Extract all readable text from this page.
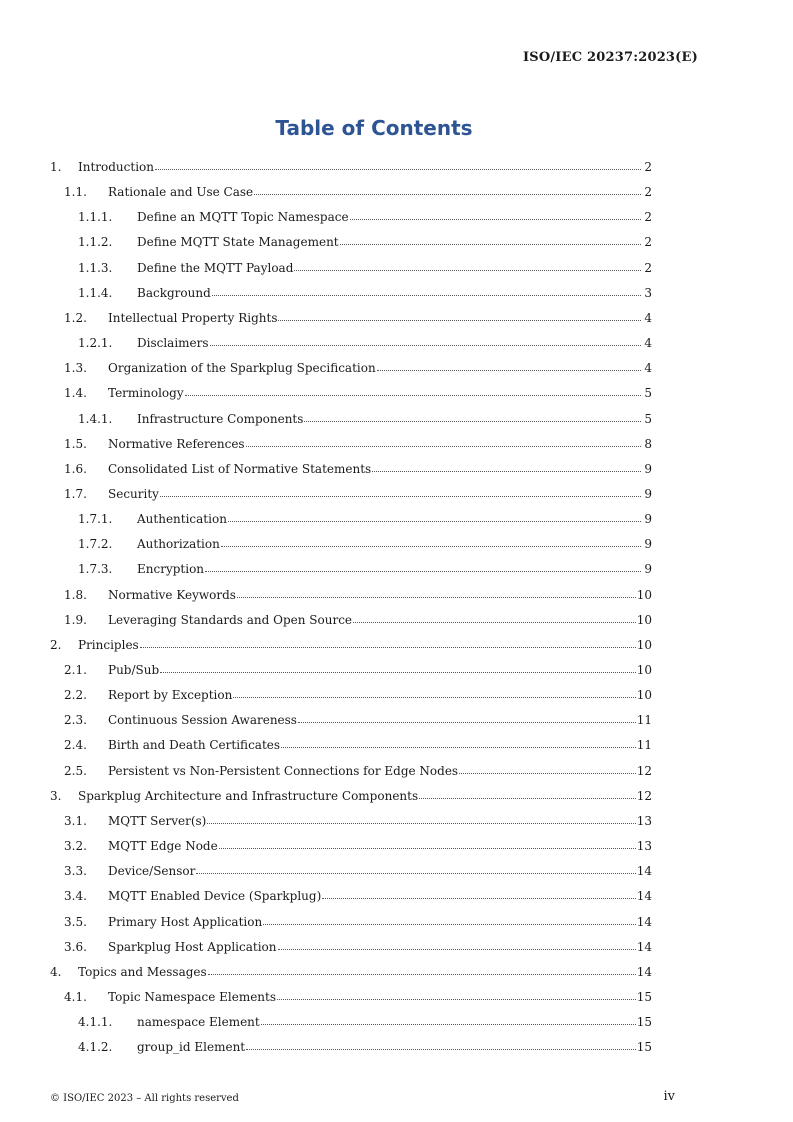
ISO/IEC 20237:2023(E)
Table of Contents
1.	Introduction	2
1.1.	Rationale and Use Case	2
1.1.1.	Define an MQTT Topic Namespace	2
1.1.2.	Define MQTT State Management	2
1.1.3.	Define the MQTT Payload	2
1.1.4.	Background	3
1.2.	Intellectual Property Rights	4
1.2.1.	Disclaimers	4
1.3.	Organization of the Sparkplug Specification	4
1.4.	Terminology	5
1.4.1.	Infrastructure Components	5
1.5.	Normative References	8
1.6.	Consolidated List of Normative Statements	9
1.7.	Security	9
1.7.1.	Authentication	9
1.7.2.	Authorization	9
1.7.3.	Encryption	9
1.8.	Normative Keywords	10
1.9.	Leveraging Standards and Open Source	10
2.	Principles	10
2.1.	Pub/Sub	10
2.2.	Report by Exception	10
2.3.	Continuous Session Awareness	11
2.4.	Birth and Death Certificates	11
2.5.	Persistent vs Non-Persistent Connections for Edge Nodes	12
3.	Sparkplug Architecture and Infrastructure Components	12
3.1.	MQTT Server(s)	13
3.2.	MQTT Edge Node	13
3.3.	Device/Sensor	14
3.4.	MQTT Enabled Device (Sparkplug)	14
3.5.	Primary Host Application	14
3.6.	Sparkplug Host Application	14
4.	Topics and Messages	14
4.1.	Topic Namespace Elements	15
4.1.1.	namespace Element	15
4.1.2.	group_id Element	15
© ISO/IEC 2023 – All rights reserved	iv
